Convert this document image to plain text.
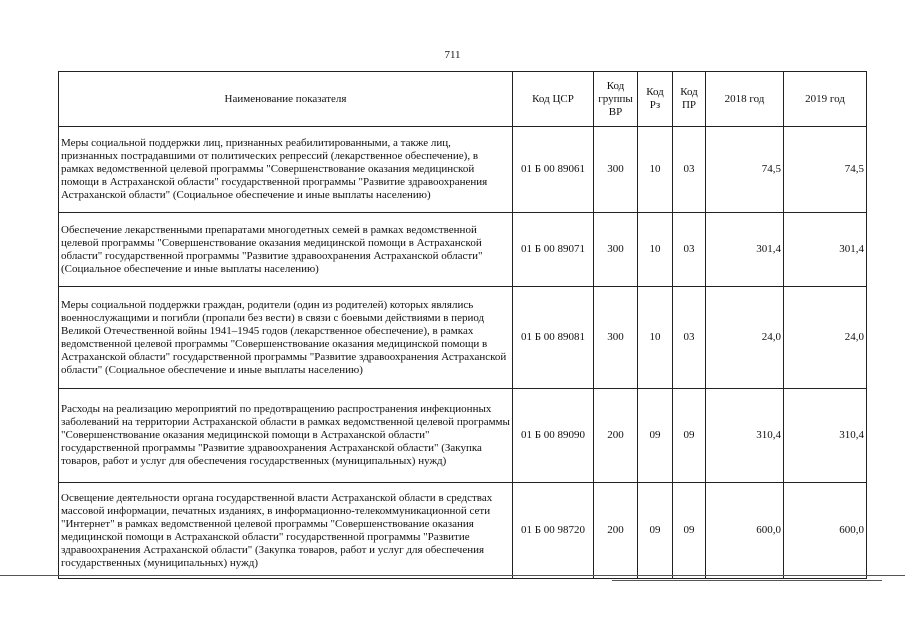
711
Наименование показателя	Код ЦСР	Код группы ВР	Код Рз	Код ПР	2018 год	2019 год
Меры социальной поддержки лиц, признанных реабилитированными, а также лиц, признанных пострадавшими от политических репрессий (лекарственное обеспечение), в рамках ведомственной целевой программы "Совершенствование оказания медицинской помощи в Астраханской области" государственной программы "Развитие здравоохранения Астраханской области" (Социальное обеспечение и иные выплаты населению)	01 Б 00 89061	300	10	03	74,5	74,5
Обеспечение лекарственными препаратами многодетных семей в рамках ведомственной целевой программы "Совершенствование оказания медицинской помощи в Астраханской области" государственной программы "Развитие здравоохранения Астраханской области" (Социальное обеспечение и иные выплаты населению)	01 Б 00 89071	300	10	03	301,4	301,4
Меры социальной поддержки граждан, родители (один из родителей) которых являлись военнослужащими и погибли (пропали без вести) в связи с боевыми действиями в период Великой Отечественной войны 1941–1945 годов (лекарственное обеспечение), в рамках ведомственной целевой программы "Совершенствование оказания медицинской помощи в Астраханской области" государственной программы "Развитие здравоохранения Астраханской области" (Социальное обеспечение и иные выплаты населению)	01 Б 00 89081	300	10	03	24,0	24,0
Расходы на реализацию мероприятий по предотвращению распространения инфекционных заболеваний на территории Астраханской области в рамках ведомственной целевой программы "Совершенствование оказания медицинской помощи в Астраханской области" государственной программы "Развитие здравоохранения Астраханской области" (Закупка товаров, работ и услуг для обеспечения государственных (муниципальных) нужд)	01 Б 00 89090	200	09	09	310,4	310,4
Освещение деятельности органа государственной власти Астраханской области в средствах массовой информации, печатных изданиях, в информационно-телекоммуникационной сети "Интернет" в рамках ведомственной целевой программы "Совершенствование оказания медицинской помощи в Астраханской области" государственной программы "Развитие здравоохранения Астраханской области" (Закупка товаров, работ и услуг для обеспечения государственных (муниципальных) нужд)	01 Б 00 98720	200	09	09	600,0	600,0
